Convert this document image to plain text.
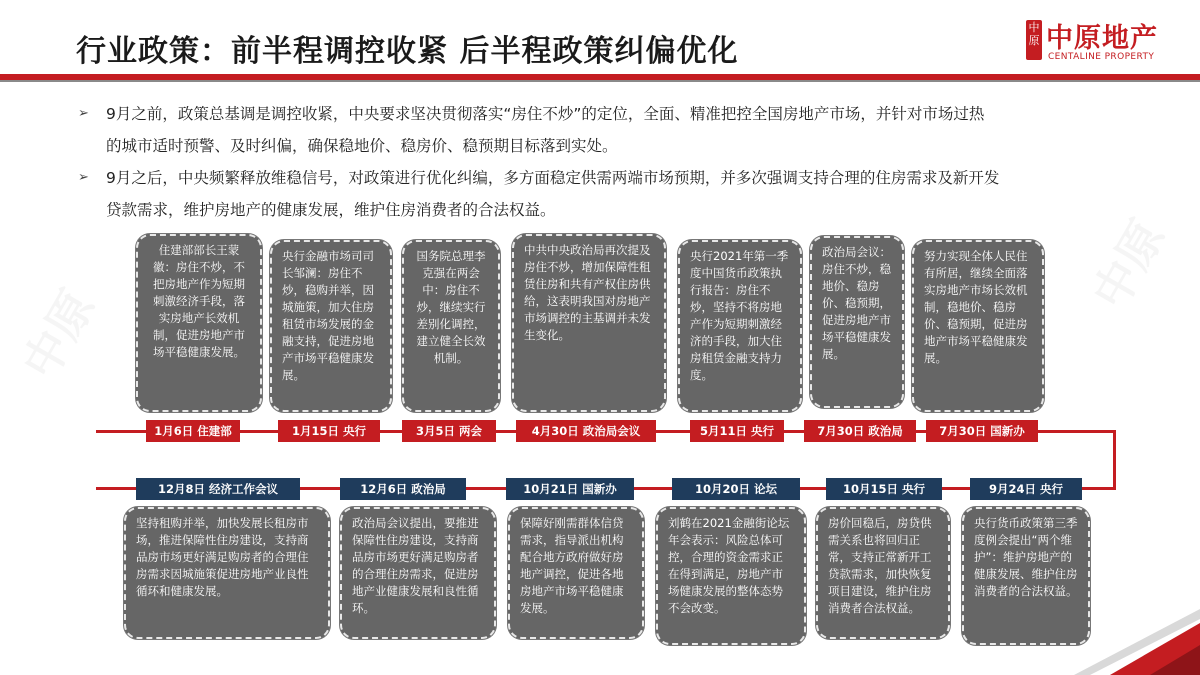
中原
中原
行业政策：前半程调控收紧 后半程政策纠偏优化
中原 中原地产
CENTALINE PROPERTY
➢ 9月之前，政策总基调是调控收紧，中央要求坚决贯彻落实“房住不炒”的定位，全面、精准把控全国房地产市场，并针对市场过热
的城市适时预警、及时纠偏，确保稳地价、稳房价、稳预期目标落到实处。
➢ 9月之后，中央频繁释放维稳信号，对政策进行优化纠编，多方面稳定供需两端市场预期，并多次强调支持合理的住房需求及新开发
贷款需求，维护房地产的健康发展，维护住房消费者的合法权益。
住建部部长王蒙徽：房住不炒，不把房地产作为短期刺激经济手段，落实房地产长效机制，促进房地产市场平稳健康发展。
央行金融市场司司长邹澜：房住不炒，稳购并举，因城施策，加大住房租赁市场发展的金融支持，促进房地产市场平稳健康发展。
国务院总理李克强在两会中：房住不炒，继续实行差别化调控，建立健全长效机制。
中共中央政治局再次提及房住不炒，增加保障性租赁住房和共有产权住房供给，这表明我国对房地产市场调控的主基调并未发生变化。
央行2021年第一季度中国货币政策执行报告：房住不炒，坚持不将房地产作为短期刺激经济的手段，加大住房租赁金融支持力度。
政治局会议：房住不炒，稳地价、稳房价、稳预期，促进房地产市场平稳健康发展。
努力实现全体人民住有所居，继续全面落实房地产市场长效机制，稳地价、稳房价、稳预期，促进房地产市场平稳健康发展。
1月6日 住建部	1月15日 央行	3月5日 两会	4月30日 政治局会议	5月11日 央行	7月30日 政治局	7月30日 国新办
12月8日 经济工作会议	12月6日 政治局	10月21日 国新办	10月20日 论坛	10月15日 央行	9月24日 央行
坚持租购并举，加快发展长租房市场，推进保障性住房建设，支持商品房市场更好满足购房者的合理住房需求因城施策促进房地产业良性循环和健康发展。
政治局会议提出，要推进保障性住房建设，支持商品房市场更好满足购房者的合理住房需求，促进房地产业健康发展和良性循环。
保障好刚需群体信贷需求，指导派出机构配合地方政府做好房地产调控，促进各地房地产市场平稳健康发展。
刘鹤在2021金融街论坛年会表示：风险总体可控，合理的资金需求正在得到满足，房地产市场健康发展的整体态势不会改变。
房价回稳后，房贷供需关系也将回归正常，支持正常新开工贷款需求，加快恢复项目建设，维护住房消费者合法权益。
央行货币政策第三季度例会提出“两个维护”：维护房地产的健康发展、维护住房消费者的合法权益。
